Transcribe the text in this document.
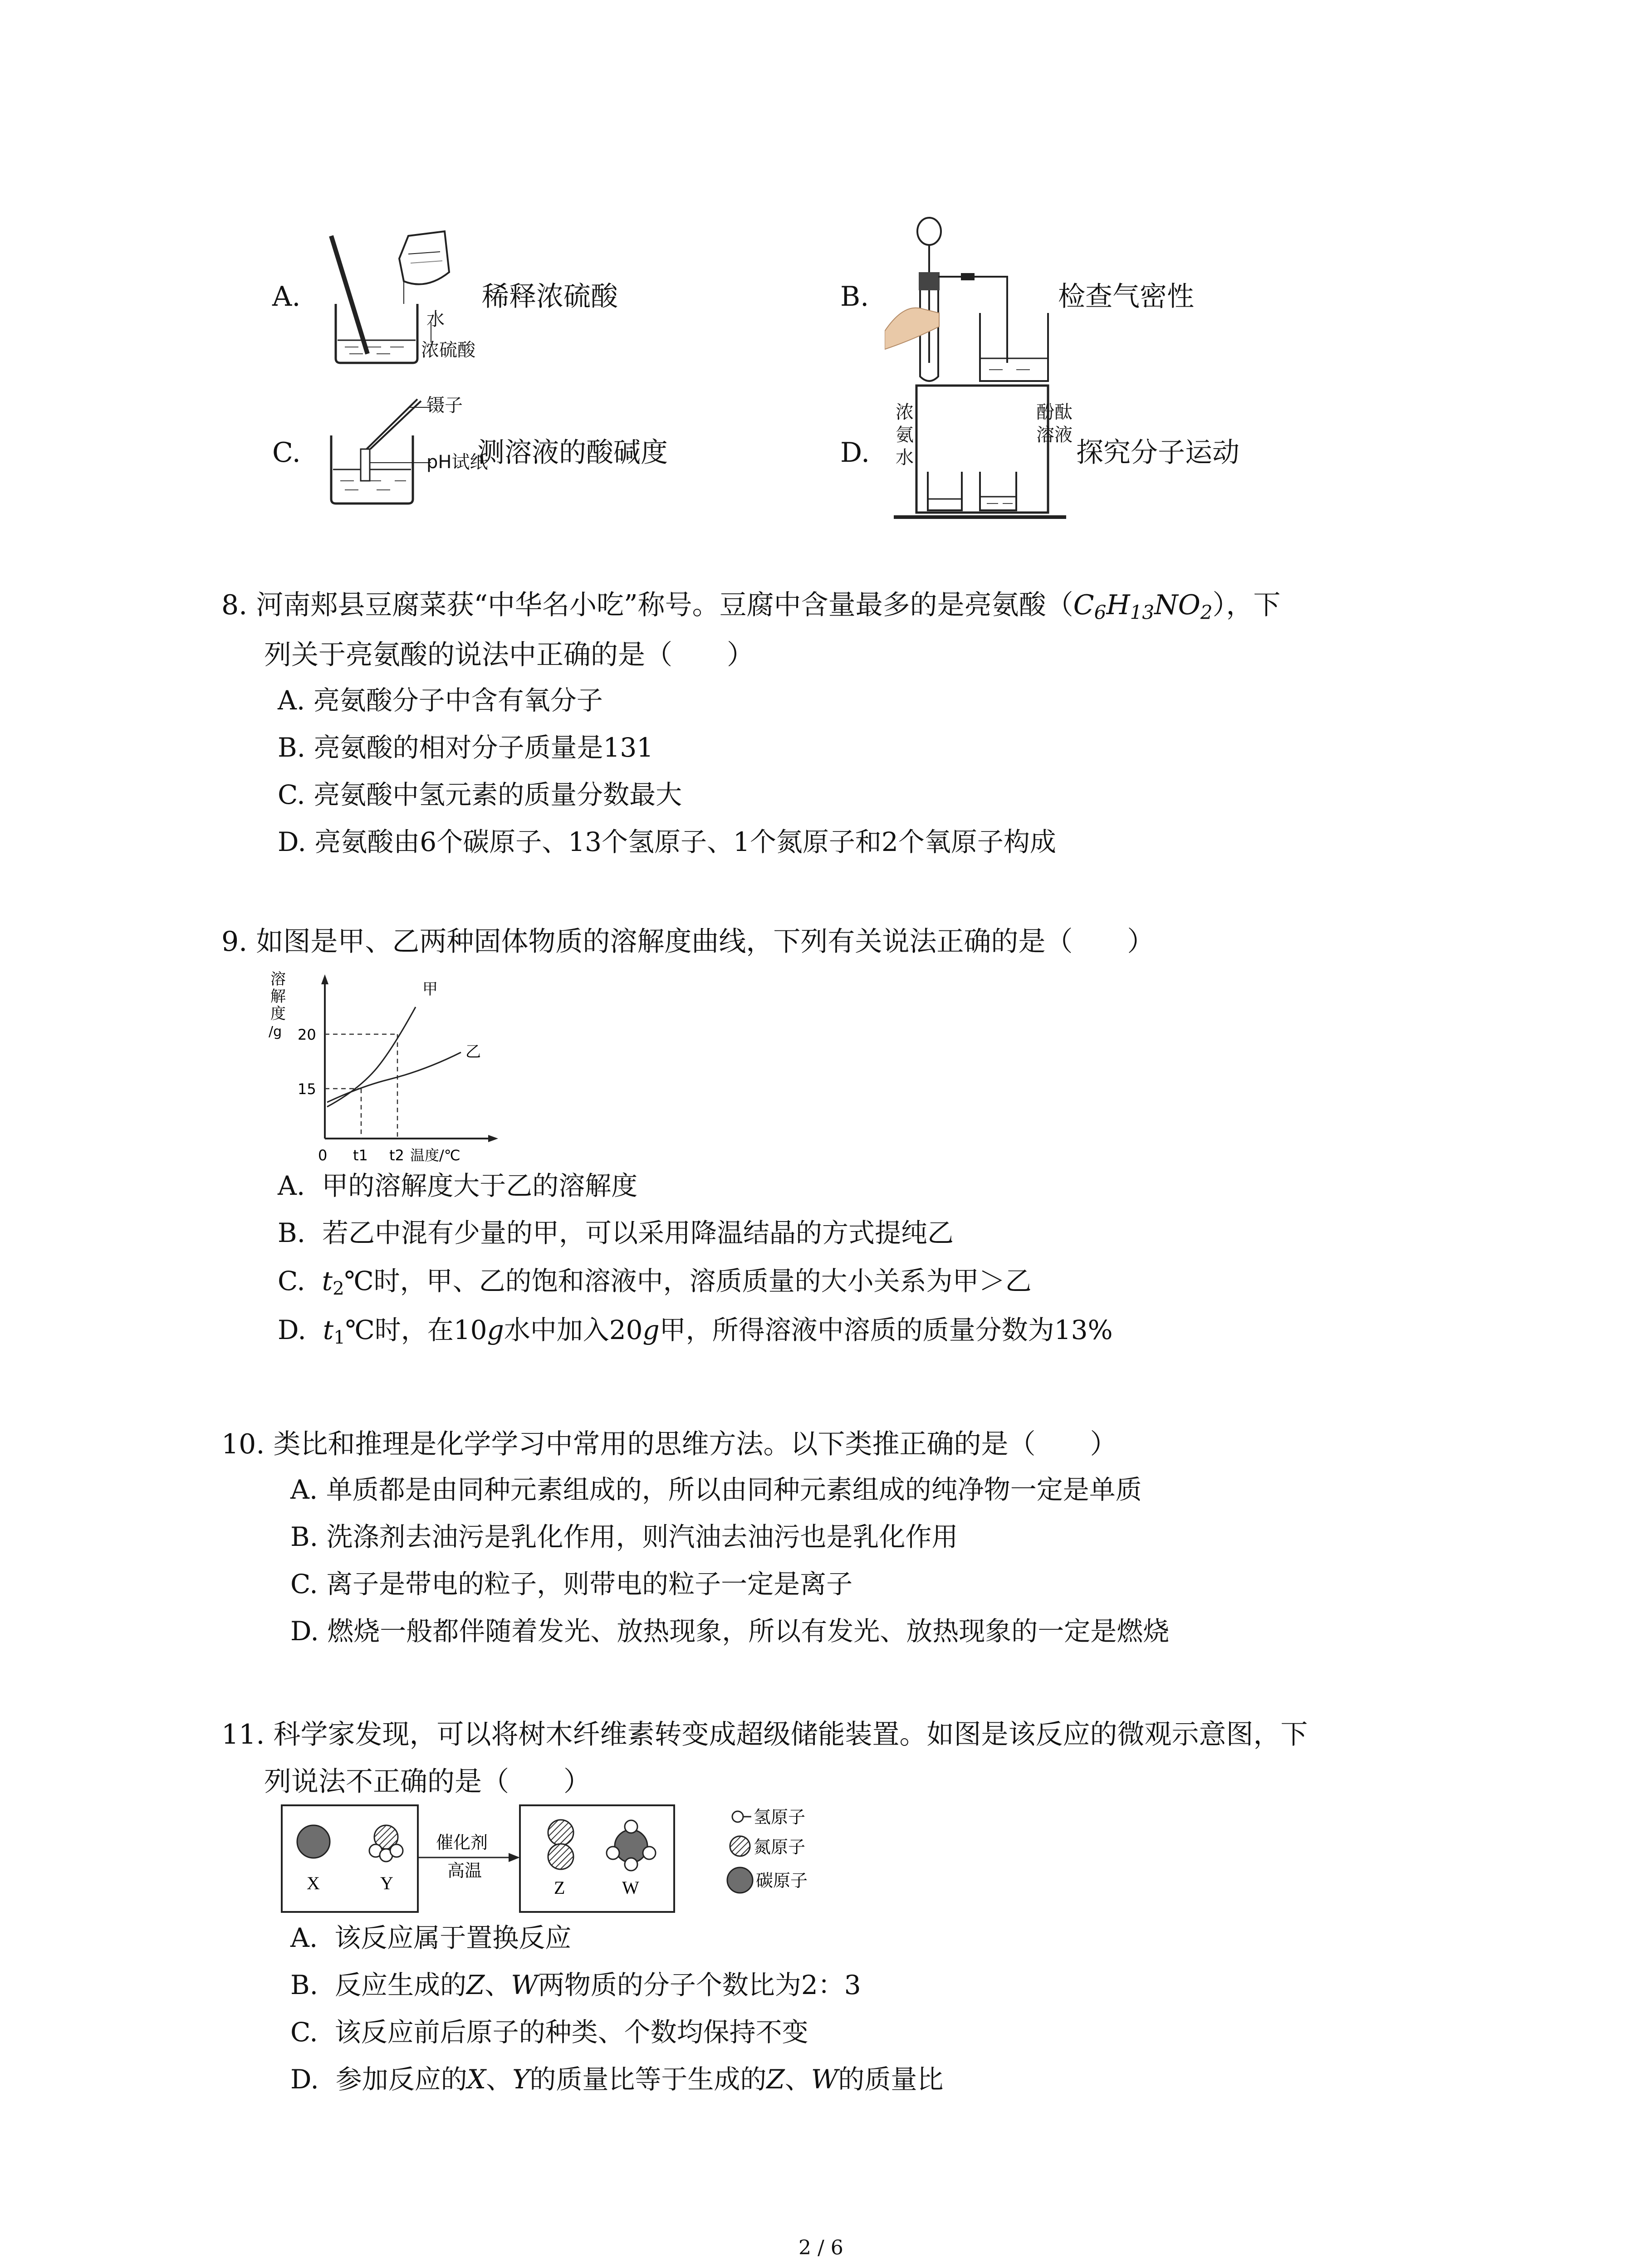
A.
水
浓硫酸
稀释浓硫酸	B.	检查气密性
C.
镊子
pH试纸
测溶液的酸碱度	D.
浓
氨
水
酚酞
溶液
探究分子运动
8. 河南郏县豆腐菜获“中华名小吃”称号。豆腐中含量最多的是亮氨酸$(C_6H_{13}NO_2)$，下
列关于亮氨酸的说法中正确的是（　　）
A. 亮氨酸分子中含有氧分子
B. 亮氨酸的相对分子质量是131
C. 亮氨酸中氢元素的质量分数最大
D. 亮氨酸由6个碳原子、13个氢原子、1个氮原子和2个氧原子构成
9. 如图是甲、乙两种固体物质的溶解度曲线，下列有关说法正确的是（　　）
溶
解
度
/g 20
15
0 t1 t2 温度/℃
甲
乙
A. 甲的溶解度大于乙的溶解度
B. 若乙中混有少量的甲，可以采用降温结晶的方式提纯乙
C. $t_2℃$时，甲、乙的饱和溶液中，溶质质量的大小关系为甲＞乙
D. $t_1℃$时，在10g水中加入20g甲，所得溶液中溶质的质量分数为13%
10. 类比和推理是化学学习中常用的思维方法。以下类推正确的是（　　）
A. 单质都是由同种元素组成的，所以由同种元素组成的纯净物一定是单质
B. 洗涤剂去油污是乳化作用，则汽油去油污也是乳化作用
C. 离子是带电的粒子，则带电的粒子一定是离子
D. 燃烧一般都伴随着发光、放热现象，所以有发光、放热现象的一定是燃烧
11. 科学家发现，可以将树木纤维素转变成超级储能装置。如图是该反应的微观示意图，下
列说法不正确的是（　　）
X	Y
催化剂
高温
Z	W
氢原子
氮原子
碳原子
A. 该反应属于置换反应
B. 反应生成的Z、W两物质的分子个数比为2：3
C. 该反应前后原子的种类、个数均保持不变
D. 参加反应的X、Y的质量比等于生成的Z、W的质量比
2 / 6
